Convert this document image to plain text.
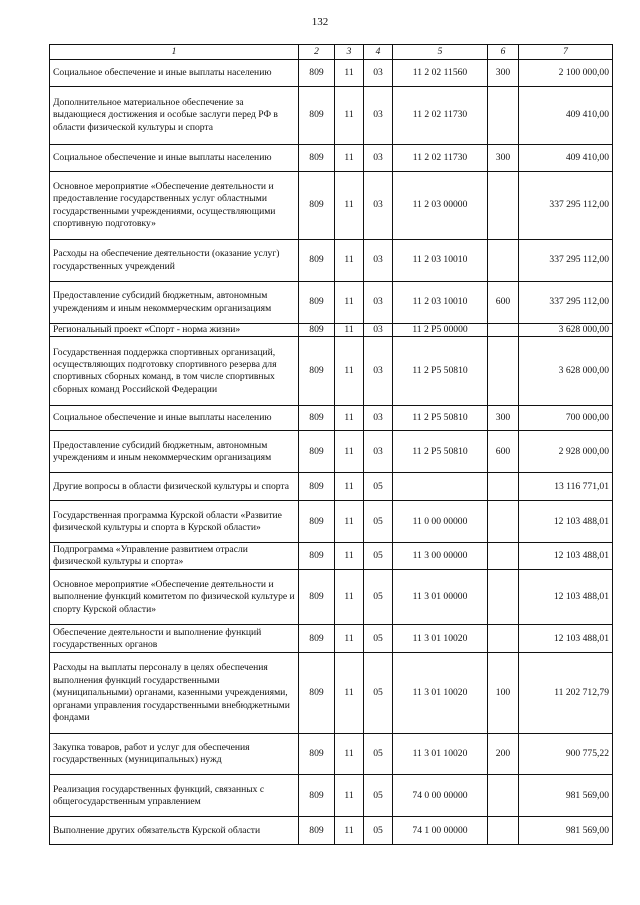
132
1	2	3	4	5	6	7
Социальное обеспечение и иные выплаты населению	809	11	03	11 2 02 11560	300	2 100 000,00
Дополнительное материальное обеспечение за выдающиеся достижения и особые заслуги перед РФ в области физической культуры и спорта	809	11	03	11 2 02 11730		409 410,00
Социальное обеспечение и иные выплаты населению	809	11	03	11 2 02 11730	300	409 410,00
Основное мероприятие «Обеспечение деятельности и предоставление государственных услуг областными государственными учреждениями, осуществляющими спортивную подготовку»	809	11	03	11 2 03 00000		337 295 112,00
Расходы на обеспечение деятельности (оказание услуг) государственных учреждений	809	11	03	11 2 03 10010		337 295 112,00
Предоставление субсидий бюджетным, автономным учреждениям и иным некоммерческим организациям	809	11	03	11 2 03 10010	600	337 295 112,00
Региональный проект «Спорт - норма жизни»	809	11	03	11 2 P5 00000		3 628 000,00
Государственная поддержка спортивных организаций, осуществляющих подготовку спортивного резерва для спортивных сборных команд, в том числе спортивных сборных команд Российской Федерации	809	11	03	11 2 P5 50810		3 628 000,00
Социальное обеспечение и иные выплаты населению	809	11	03	11 2 P5 50810	300	700 000,00
Предоставление субсидий бюджетным, автономным учреждениям и иным некоммерческим организациям	809	11	03	11 2 P5 50810	600	2 928 000,00
Другие вопросы в области физической культуры и спорта	809	11	05			13 116 771,01
Государственная программа Курской области «Развитие физической культуры и спорта в Курской области»	809	11	05	11 0 00 00000		12 103 488,01
Подпрограмма «Управление развитием отрасли физической культуры и спорта»	809	11	05	11 3 00 00000		12 103 488,01
Основное мероприятие «Обеспечение деятельности и выполнение функций комитетом по физической культуре и спорту Курской области»	809	11	05	11 3 01 00000		12 103 488,01
Обеспечение деятельности и выполнение функций государственных органов	809	11	05	11 3 01 10020		12 103 488,01
Расходы на выплаты персоналу в целях обеспечения выполнения функций государственными (муниципальными) органами, казенными учреждениями, органами управления государственными внебюджетными фондами	809	11	05	11 3 01 10020	100	11 202 712,79
Закупка товаров, работ и услуг для обеспечения государственных (муниципальных) нужд	809	11	05	11 3 01 10020	200	900 775,22
Реализация государственных функций, связанных с общегосударственным управлением	809	11	05	74 0 00 00000		981 569,00
Выполнение других обязательств Курской области	809	11	05	74 1 00 00000		981 569,00
